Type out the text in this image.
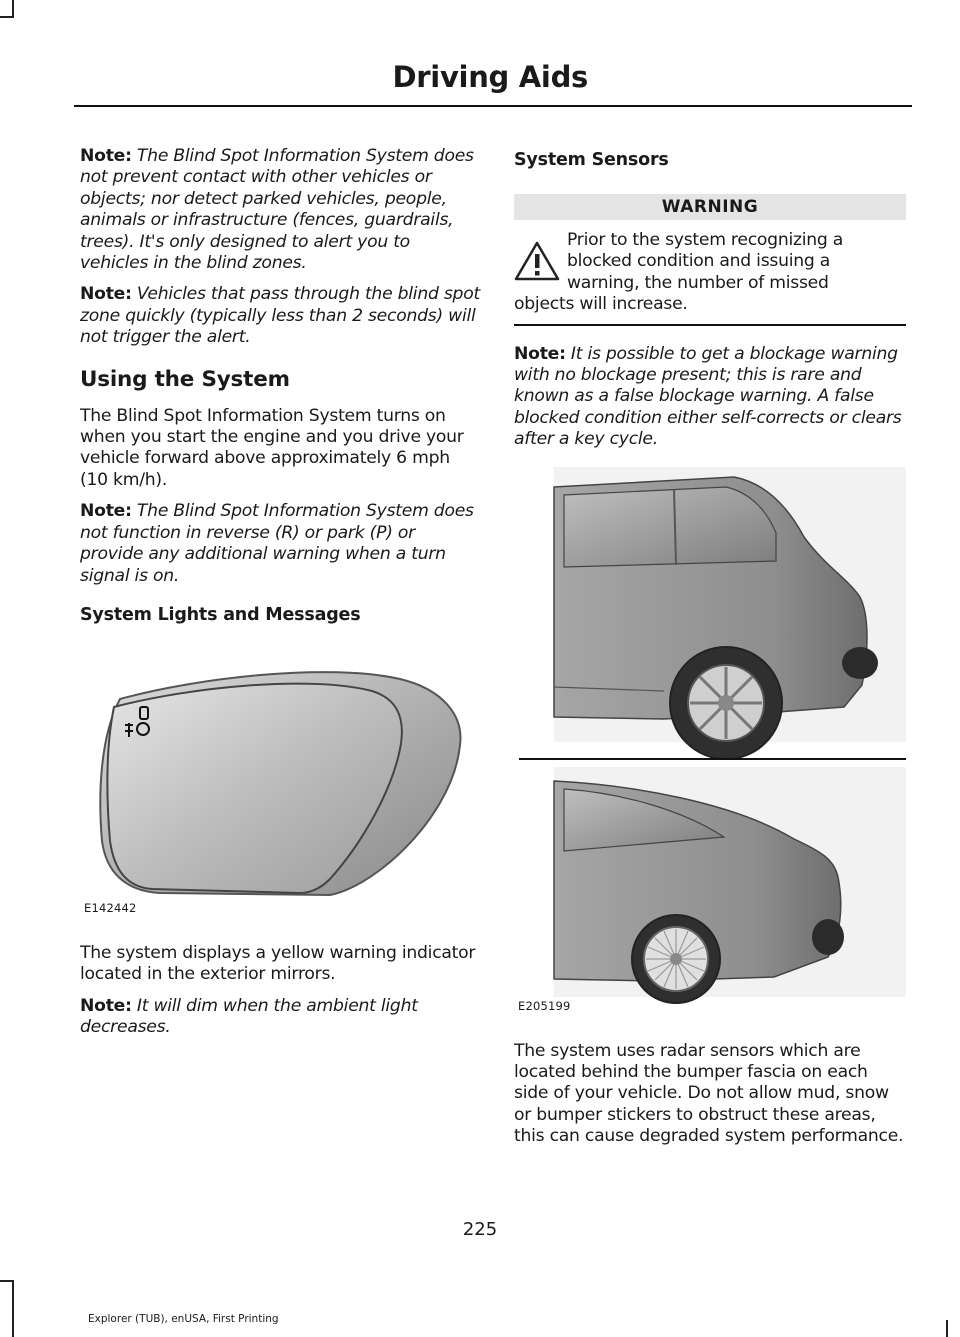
Driving Aids

Note: The Blind Spot Information System does not prevent contact with other vehicles or objects; nor detect parked vehicles, people, animals or infrastructure (fences, guardrails, trees). It's only designed to alert you to vehicles in the blind zones.

Note: Vehicles that pass through the blind spot zone quickly (typically less than 2 seconds) will not trigger the alert.

Using the System

The Blind Spot Information System turns on when you start the engine and you drive your vehicle forward above approximately 6 mph (10 km/h).

Note: The Blind Spot Information System does not function in reverse (R) or park (P) or provide any additional warning when a turn signal is on.

System Lights and Messages
E142442

The system displays a yellow warning indicator located in the exterior mirrors.

Note: It will dim when the ambient light decreases.

System Sensors
WARNING

Prior to the system recognizing a blocked condition and issuing a warning, the number of missed

objects will increase.

Note: It is possible to get a blockage warning with no blockage present; this is rare and known as a false blockage warning. A false blocked condition either self-corrects or clears after a key cycle.

E205199

The system uses radar sensors which are located behind the bumper fascia on each side of your vehicle. Do not allow mud, snow or bumper stickers to obstruct these areas, this can cause degraded system performance.

225
Explorer (TUB), enUSA, First Printing
